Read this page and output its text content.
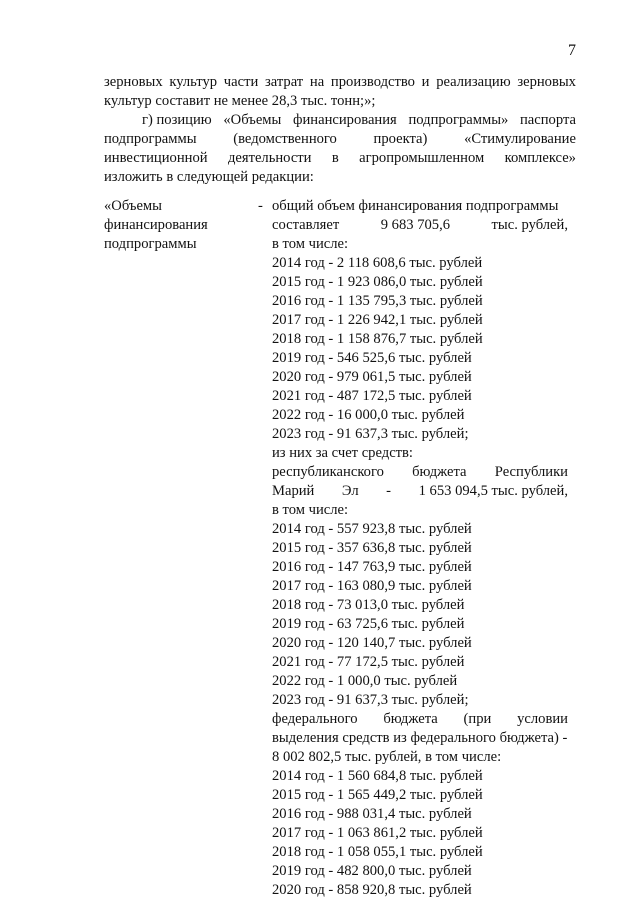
7
зерновых культур части затрат на производство и реализацию зерновых
культур составит не менее 28,3 тыс. тонн;»;
г) позицию «Объемы финансирования подпрограммы» паспорта
подпрограммы	(ведомственного	проекта)	«Стимулирование
инвестиционной деятельности в агропромышленном комплексе»
изложить в следующей редакции:
«Объемы
финансирования
подпрограммы
- общий объем финансирования подпрограммы
составляет	9 683 705,6	тыс. рублей,
в том числе:
2014 год - 2 118 608,6 тыс. рублей
2015 год - 1 923 086,0 тыс. рублей
2016 год - 1 135 795,3 тыс. рублей
2017 год - 1 226 942,1 тыс. рублей
2018 год - 1 158 876,7 тыс. рублей
2019 год - 546 525,6 тыс. рублей
2020 год - 979 061,5 тыс. рублей
2021 год - 487 172,5 тыс. рублей
2022 год - 16 000,0 тыс. рублей
2023 год - 91 637,3 тыс. рублей;
из них за счет средств:
республиканского бюджета Республики
Марий Эл - 1 653 094,5 тыс. рублей,
в том числе:
2014 год - 557 923,8 тыс. рублей
2015 год - 357 636,8 тыс. рублей
2016 год - 147 763,9 тыс. рублей
2017 год - 163 080,9 тыс. рублей
2018 год - 73 013,0 тыс. рублей
2019 год - 63 725,6 тыс. рублей
2020 год - 120 140,7 тыс. рублей
2021 год - 77 172,5 тыс. рублей
2022 год - 1 000,0 тыс. рублей
2023 год - 91 637,3 тыс. рублей;
федерального бюджета (при условии
выделения средств из федерального бюджета) -
8 002 802,5 тыс. рублей, в том числе:
2014 год - 1 560 684,8 тыс. рублей
2015 год - 1 565 449,2 тыс. рублей
2016 год - 988 031,4 тыс. рублей
2017 год - 1 063 861,2 тыс. рублей
2018 год - 1 058 055,1 тыс. рублей
2019 год - 482 800,0 тыс. рублей
2020 год - 858 920,8 тыс. рублей
